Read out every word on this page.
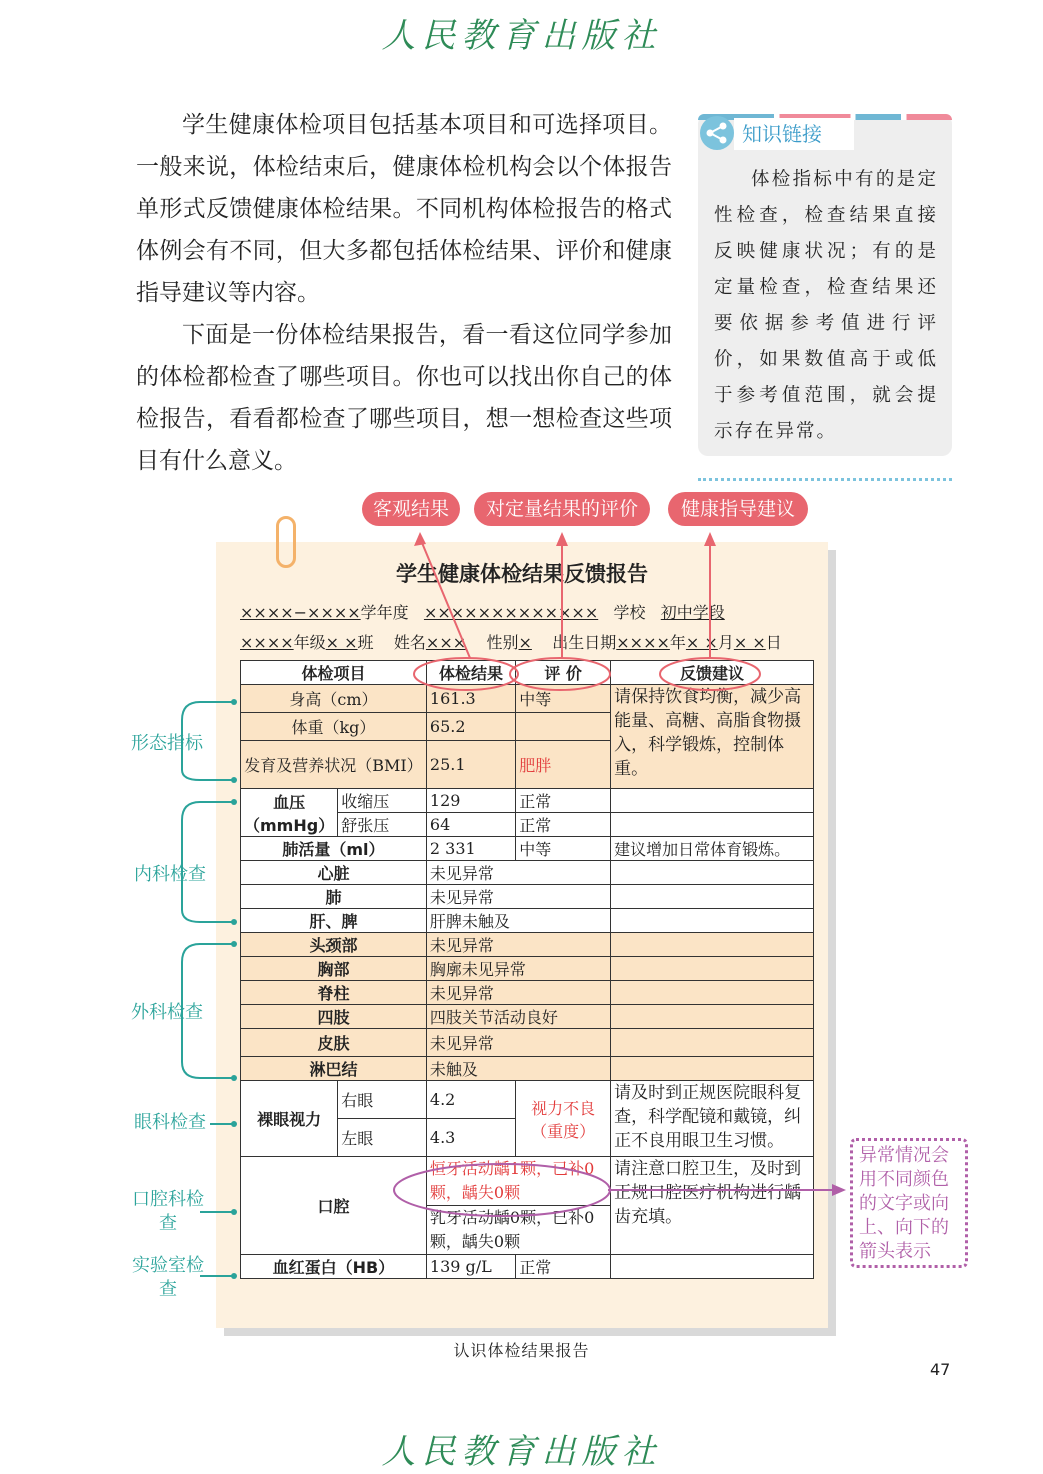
人民教育出版社

学生健康体检项目包括基本项目和可选择项目。一般来说，体检结束后，健康体检机构会以个体报告单形式反馈健康体检结果。不同机构体检报告的格式体例会有不同，但大多都包括体检结果、评价和健康指导建议等内容。

下面是一份体检结果报告，看一看这位同学参加的体检都检查了哪些项目。你也可以找出你自己的体检报告，看看都检查了哪些项目，想一想检查这些项目有什么意义。

知识链接
体检指标中有的是定性检查，检查结果直接反映健康状况；有的是定量检查，检查结果还要依据参考值进行评价，如果数值高于或低于参考值范围，就会提示存在异常。
客观结果	对定量结果的评价	健康指导建议
学生健康体检结果反馈报告
××××−××××学年度 ××××××××××××× 学校 初中学段
××××年级× ×班 姓名××× 性别× 出生日期××××年× ×月× ×日
体检项目		体检结果	评 价	反馈建议
身高（cm）		161.3	中等	请保持饮食均衡，减少高能量、高糖、高脂食物摄入，科学锻炼，控制体重。
体重（kg）		65.2		
发育及营养状况（BMI）		25.1	肥胖	
血压（mmHg）	收缩压	129	正常	
	舒张压	64	正常	
肺活量（ml）		2 331	中等	建议增加日常体育锻炼。
心脏		未见异常		
肺		未见异常		
肝、脾		肝脾未触及		
头颈部		未见异常		
胸部		胸廓未见异常		
脊柱		未见异常		
四肢		四肢关节活动良好		
皮肤		未见异常		
淋巴结		未触及		
裸眼视力	右眼	4.2	视力不良（重度）	请及时到正规医院眼科复查，科学配镜和戴镜，纠正不良用眼卫生习惯。
	左眼	4.3		
口腔		恒牙活动龋1颗，已补0颗，龋失0颗		请注意口腔卫生，及时到正规口腔医疗机构进行龋齿充填。
		乳牙活动龋0颗，已补0颗，龋失0颗		
血红蛋白（HB）		139 g/L	正常	
形态指标
内科检查
外科检查
眼科检查
口腔科检查
实验室检查
异常情况会用不同颜色的文字或向上、向下的箭头表示
认识体检结果报告
47
人民教育出版社
